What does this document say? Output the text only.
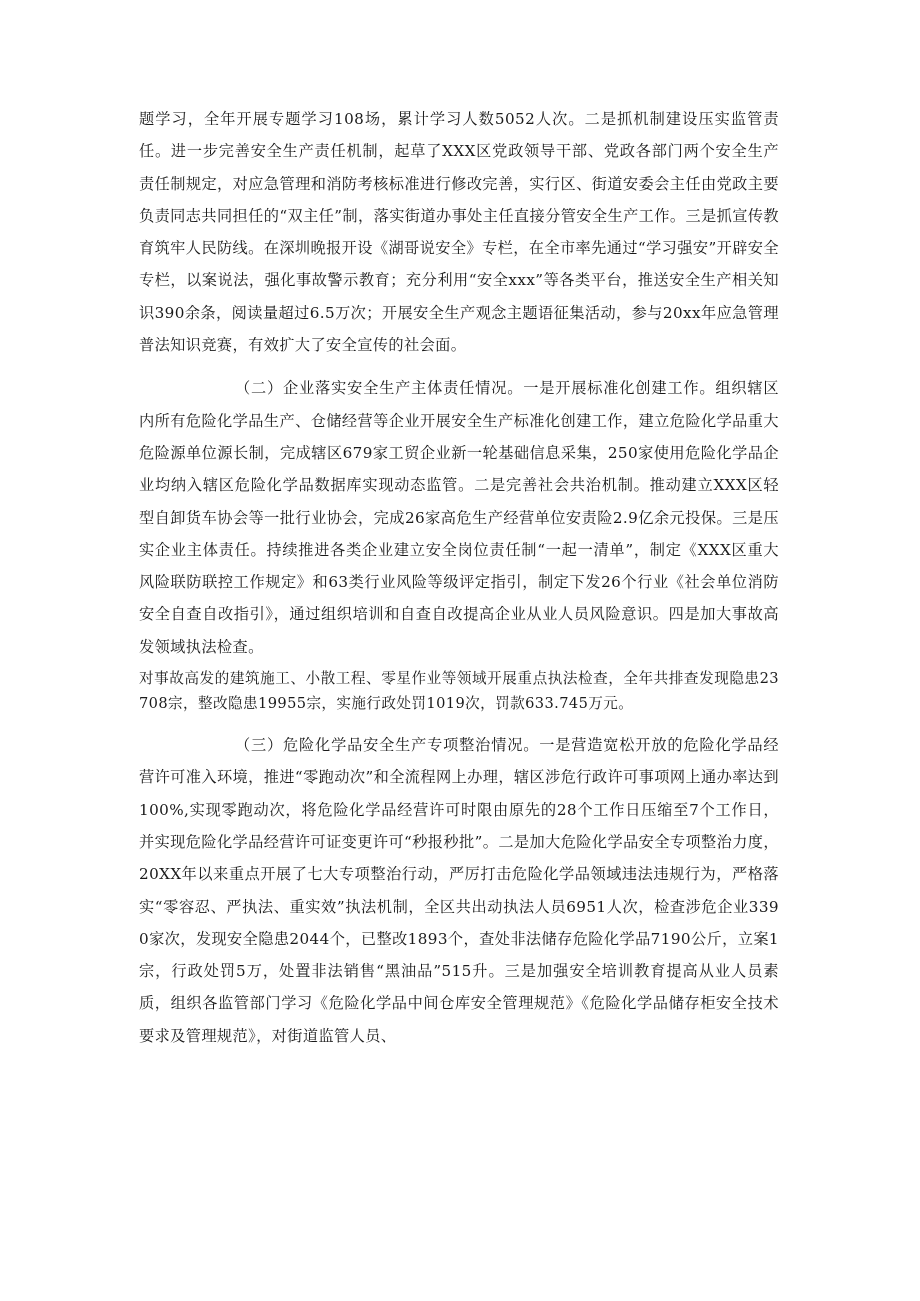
题学习，全年开展专题学习108场，累计学习人数5052人次。二是抓机制建设压实监管责任。进一步完善安全生产责任机制，起草了XXX区党政领导干部、党政各部门两个安全生产责任制规定，对应急管理和消防考核标准进行修改完善，实行区、街道安委会主任由党政主要负责同志共同担任的“双主任”制，落实街道办事处主任直接分管安全生产工作。三是抓宣传教育筑牢人民防线。在深圳晚报开设《湖哥说安全》专栏，在全市率先通过“学习强安”开辟安全专栏，以案说法，强化事故警示教育；充分利用“安全xxx”等各类平台，推送安全生产相关知识390余条，阅读量超过6.5万次；开展安全生产观念主题语征集活动，参与20xx年应急管理普法知识竞赛，有效扩大了安全宣传的社会面。

（二）企业落实安全生产主体责任情况。一是开展标准化创建工作。组织辖区内所有危险化学品生产、仓储经营等企业开展安全生产标准化创建工作，建立危险化学品重大危险源单位源长制，完成辖区679家工贸企业新一轮基础信息采集，250家使用危险化学品企业均纳入辖区危险化学品数据库实现动态监管。二是完善社会共治机制。推动建立XXX区轻型自卸货车协会等一批行业协会，完成26家高危生产经营单位安责险2.9亿余元投保。三是压实企业主体责任。持续推进各类企业建立安全岗位责任制“一起一清单”，制定《XXX区重大风险联防联控工作规定》和63类行业风险等级评定指引，制定下发26个行业《社会单位消防安全自查自改指引》，通过组织培训和自查自改提高企业从业人员风险意识。四是加大事故高发领域执法检查。

对事故高发的建筑施工、小散工程、零星作业等领域开展重点执法检查，全年共排查发现隐患23708宗，整改隐患19955宗，实施行政处罚1019次，罚款633.745万元。

（三）危险化学品安全生产专项整治情况。一是营造宽松开放的危险化学品经营许可准入环境，推进“零跑动次”和全流程网上办理，辖区涉危行政许可事项网上通办率达到100%,实现零跑动次，将危险化学品经营许可时限由原先的28个工作日压缩至7个工作日，并实现危险化学品经营许可证变更许可“秒报秒批”。二是加大危险化学品安全专项整治力度，20XX年以来重点开展了七大专项整治行动，严厉打击危险化学品领域违法违规行为，严格落实“零容忍、严执法、重实效”执法机制，全区共出动执法人员6951人次，检查涉危企业3390家次，发现安全隐患2044个，已整改1893个，查处非法储存危险化学品7190公斤，立案1宗，行政处罚5万，处置非法销售“黑油品”515升。三是加强安全培训教育提高从业人员素质，组织各监管部门学习《危险化学品中间仓库安全管理规范》《危险化学品储存柜安全技术要求及管理规范》，对街道监管人员、
